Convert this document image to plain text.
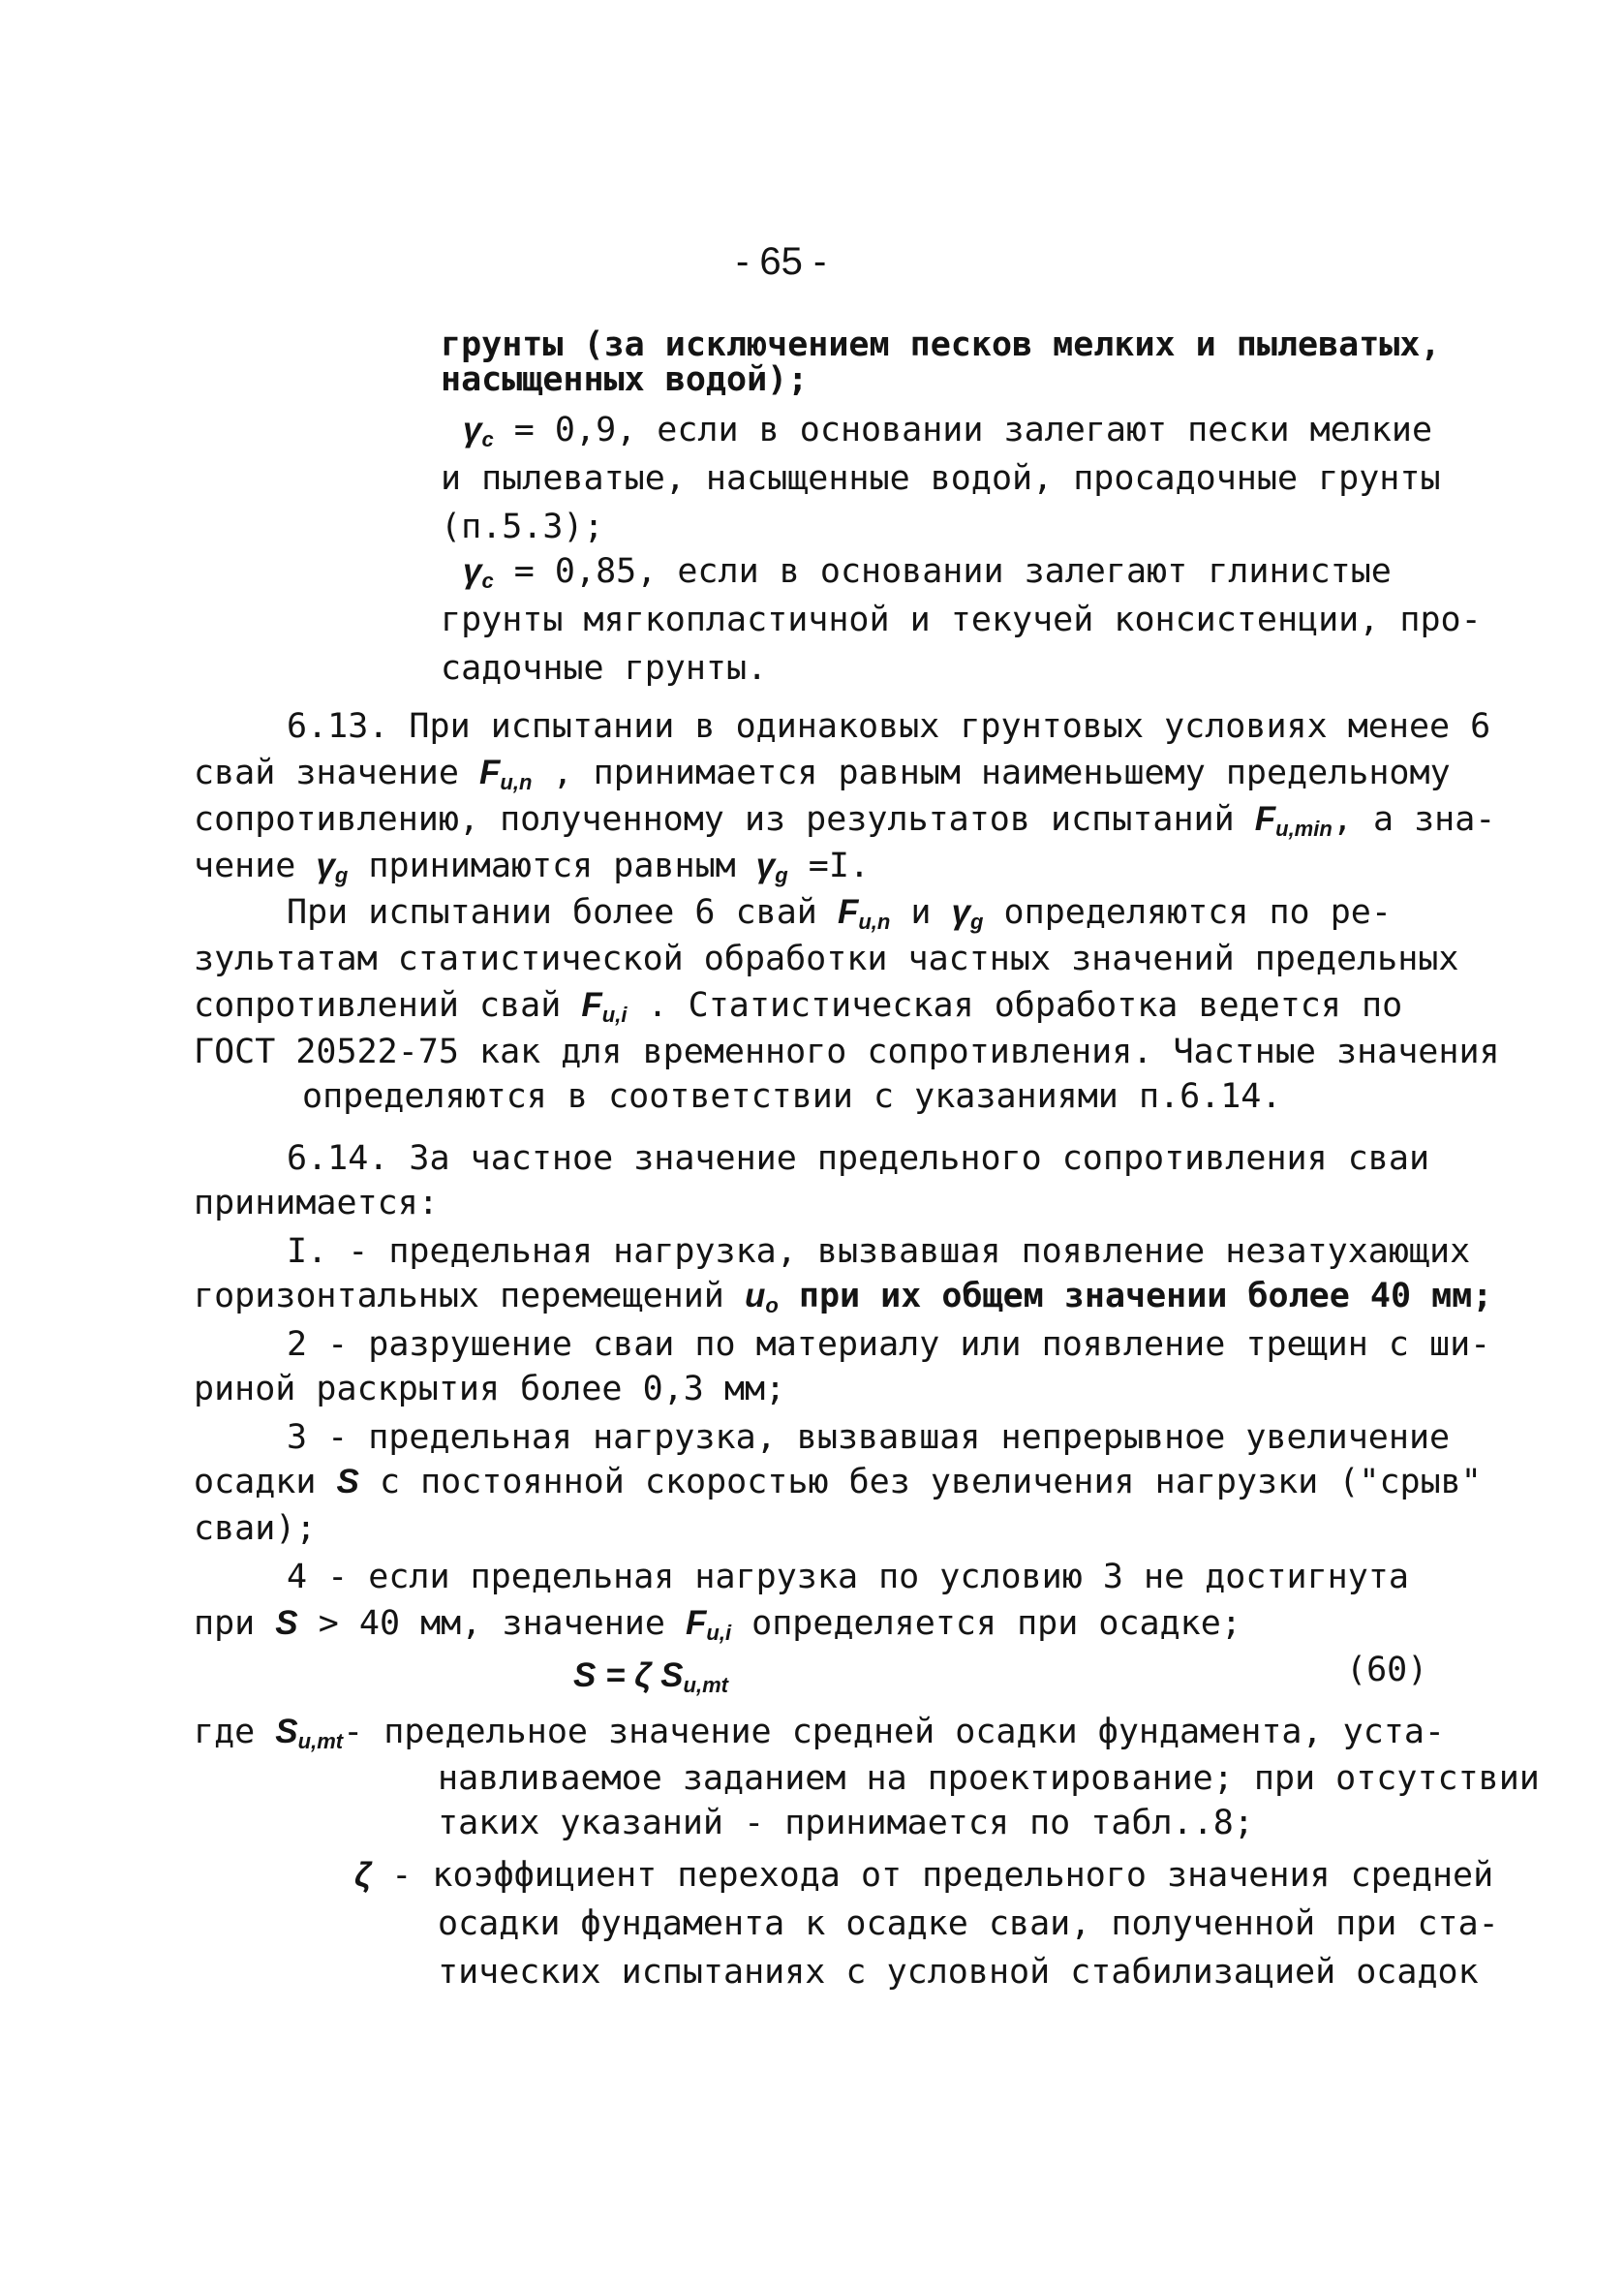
- 65 -
грунты (за исключением песков мелких и пылеватых,
насыщенных водой);
$\gamma_c = 0,9$, если в основании залегают пески мелкие
и пылеватые, насыщенные водой, просадочные грунты
(п.5.3);
$\gamma_c = 0,85$, если в основании залегают глинистые
грунты мягкопластичной и текучей консистенции, про-
садочные грунты.
6.13. При испытании в одинаковых грунтовых условиях менее 6
свай значение $F_{u,n}$ , принимается равным наименьшему предельному
сопротивлению, полученному из результатов испытаний $F_{u,min}$, а зна-
чение $\gamma_g$ принимаются равным $\gamma_g =I$.
При испытании более 6 свай $F_{u,n}$ и $\gamma_g$ определяются по ре-
зультатам статистической обработки частных значений предельных
сопротивлений свай $F_{u,i}$ . Статистическая обработка ведется по
ГОСТ 20522-75 как для временного сопротивления. Частные значения
определяются в соответствии с указаниями п.6.14.
6.14. За частное значение предельного сопротивления сваи
принимается:
I. - предельная нагрузка, вызвавшая появление незатухающих
горизонтальных перемещений $u_o$ при их общем значении более 40 мм;
2 - разрушение сваи по материалу или появление трещин с ши-
риной раскрытия более 0,3 мм;
3 - предельная нагрузка, вызвавшая непрерывное увеличение
осадки S с постоянной скоростью без увеличения нагрузки ("срыв"
сваи);
4 - если предельная нагрузка по условию 3 не достигнута
при S > 40 мм, значение $F_{u,i}$ определяется при осадке;
S = ζ $S_{u,mt}$	(60)
где $S_{u,mt}-$ предельное значение средней осадки фундамента, уста-
навливаемое заданием на проектирование; при отсутствии
таких указаний - принимается по табл..8;
ζ - коэффициент перехода от предельного значения средней
осадки фундамента к осадке сваи, полученной при ста-
тических испытаниях с условной стабилизацией осадок
